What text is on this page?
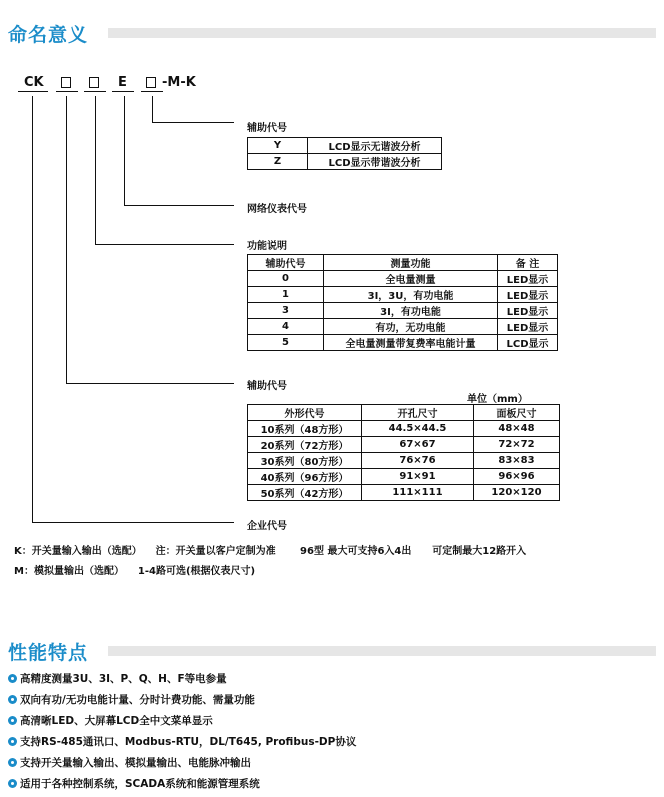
命名意义
CK	E	-M-K
辅助代号
Y	LCD显示无谐波分析
Z	LCD显示带谐波分析
网络仪表代号
功能说明
辅助代号	测量功能	备 注
0	全电量测量	LED显示
1	3I，3U，有功电能	LED显示
3	3I，有功电能	LED显示
4	有功，无功电能	LED显示
5	全电量测量带复费率电能计量	LCD显示
辅助代号
单位（mm）
外形代号	开孔尺寸	面板尺寸
10系列（48方形）	44.5×44.5	48×48
20系列（72方形）	67×67	72×72
30系列（80方形）	76×76	83×83
40系列（96方形）	91×91	96×96
50系列（42方形）	111×111	120×120
企业代号
K：开关量输入输出（选配）    注：开关量以客户定制为准       96型 最大可支持6入4出      可定制最大12路开入
M：模拟量输出（选配）    1-4路可选(根据仪表尺寸)
性能特点
高精度测量3U、3I、P、Q、H、F等电参量
双向有功/无功电能计量、分时计费功能、需量功能
高清晰LED、大屏幕LCD全中文菜单显示
支持RS-485通讯口、Modbus-RTU，DL/T645, Profibus-DP协议
支持开关量输入输出、模拟量输出、电能脉冲输出
适用于各种控制系统，SCADA系统和能源管理系统
